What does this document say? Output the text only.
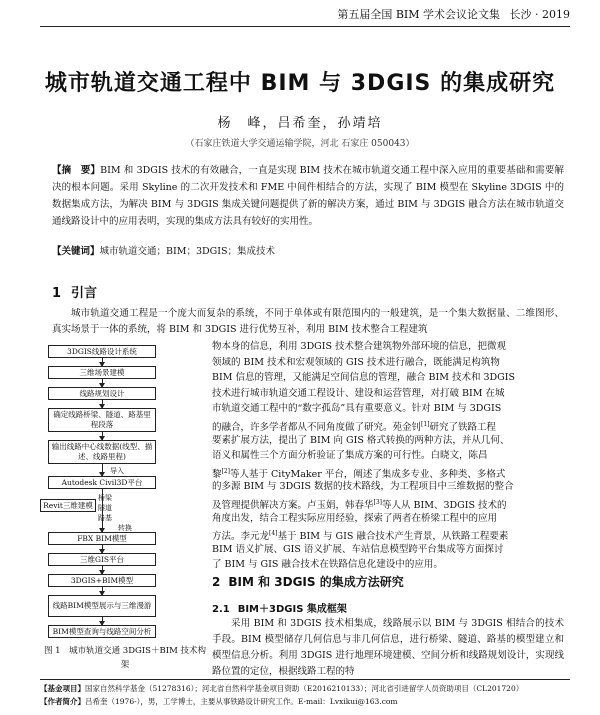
第五届全国 BIM 学术会议论文集 长沙 · 2019
城市轨道交通工程中 BIM 与 3DGIS 的集成研究
杨　峰，吕希奎，孙靖培
（石家庄铁道大学交通运输学院，河北 石家庄 050043）
【摘　要】BIM 和 3DGIS 技术的有效融合，一直是实现 BIM 技术在城市轨道交通工程中深入应用的重要基础和需要解决的根本问题。采用 Skyline 的二次开发技术和 FME 中间件相结合的方法，实现了 BIM 模型在 Skyline 3DGIS 中的数据集成方法，为解决 BIM 与 3DGIS 集成关键问题提供了新的解决方案，通过 BIM 与 3DGIS 融合方法在城市轨道交通线路设计中的应用表明，实现的集成方法具有较好的实用性。
【关键词】城市轨道交通；BIM；3DGIS；集成技术
1 引言
城市轨道交通工程是一个庞大而复杂的系统，不同于单体或有限范围内的一般建筑，是一个集大数据量、二维图形、真实场景于一体的系统，将 BIM 和 3DGIS 进行优势互补，利用 BIM 技术整合工程建筑
物本身的信息，利用 3DGIS 技术整合建筑物外部环境的信息，把微观
领域的 BIM 技术和宏观领域的 GIS 技术进行融合，既能满足构筑物
BIM 信息的管理，又能满足空间信息的管理，融合 BIM 技术和 3DGIS
技术进行城市轨道交通工程设计、建设和运营管理，对打破 BIM 在城
市轨道交通工程中的“数字孤岛”具有重要意义。针对 BIM 与 3DGIS
的融合，许多学者都从不同角度做了研究。苑金钊[1]研究了铁路工程
要素扩展方法，提出了 BIM 向 GIS 格式转换的两种方法，并从几何、
语义和属性三个方面分析验证了集成方案的可行性。白晓文，陈昌
黎[2]等人基于 CityMaker 平台，阐述了集成多专业、多种类、多格式
的多源 BIM 与 3DGIS 数据的技术路线，为工程项目中三维数据的整合
及管理提供解决方案。卢玉娟，韩春华[3]等人从 BIM、3DGIS 技术的
角度出发，结合工程实际应用经验，探索了两者在桥梁工程中的应用
方法。李元龙[4]基于 BIM 与 GIS 融合技术产生背景，从铁路工程要素
BIM 语义扩展、GIS 语义扩展、车站信息模型跨平台集成等方面探讨
了 BIM 与 GIS 融合技术在铁路信息化建设中的应用。
3DGIS线路设计系统
三维场景建模
线路规划设计
确定线路桥梁、隧道、路基里程段落
输出线路中心线数据(线型、描述、线路里程)
导入
Autodesk Civil3D平台
Revit三维建模
桥梁
隧道
路基
转换
FBX BIM模型
三维GIS平台
3DGIS+BIM模型
线路BIM模型展示与三维漫游
BIM模型查询与线路空间分析
图 1　城市轨道交通 3DGIS＋BIM 技术构架
2 BIM 和 3DGIS 的集成方法研究
2.1 BIM＋3DGIS 集成框架
采用 BIM 和 3DGIS 技术相集成，线路展示以 BIM 与 3DGIS 相结合的技术手段。BIM 模型储存几何信息与非几何信息，进行桥梁、隧道、路基的模型建立和模型信息分析。利用 3DGIS 进行地理环境建模、空间分析和线路规划设计，实现线路位置的定位，根据线路工程的特
【基金项目】国家自然科学基金（51278316）；河北省自然科学基金项目资助（E2016210133）；河北省引进留学人员资助项目（CL201720）
【作者简介】吕希奎（1976-），男，工学博士，主要从事铁路设计研究工作。E-mail：Lvxikui@163.com
